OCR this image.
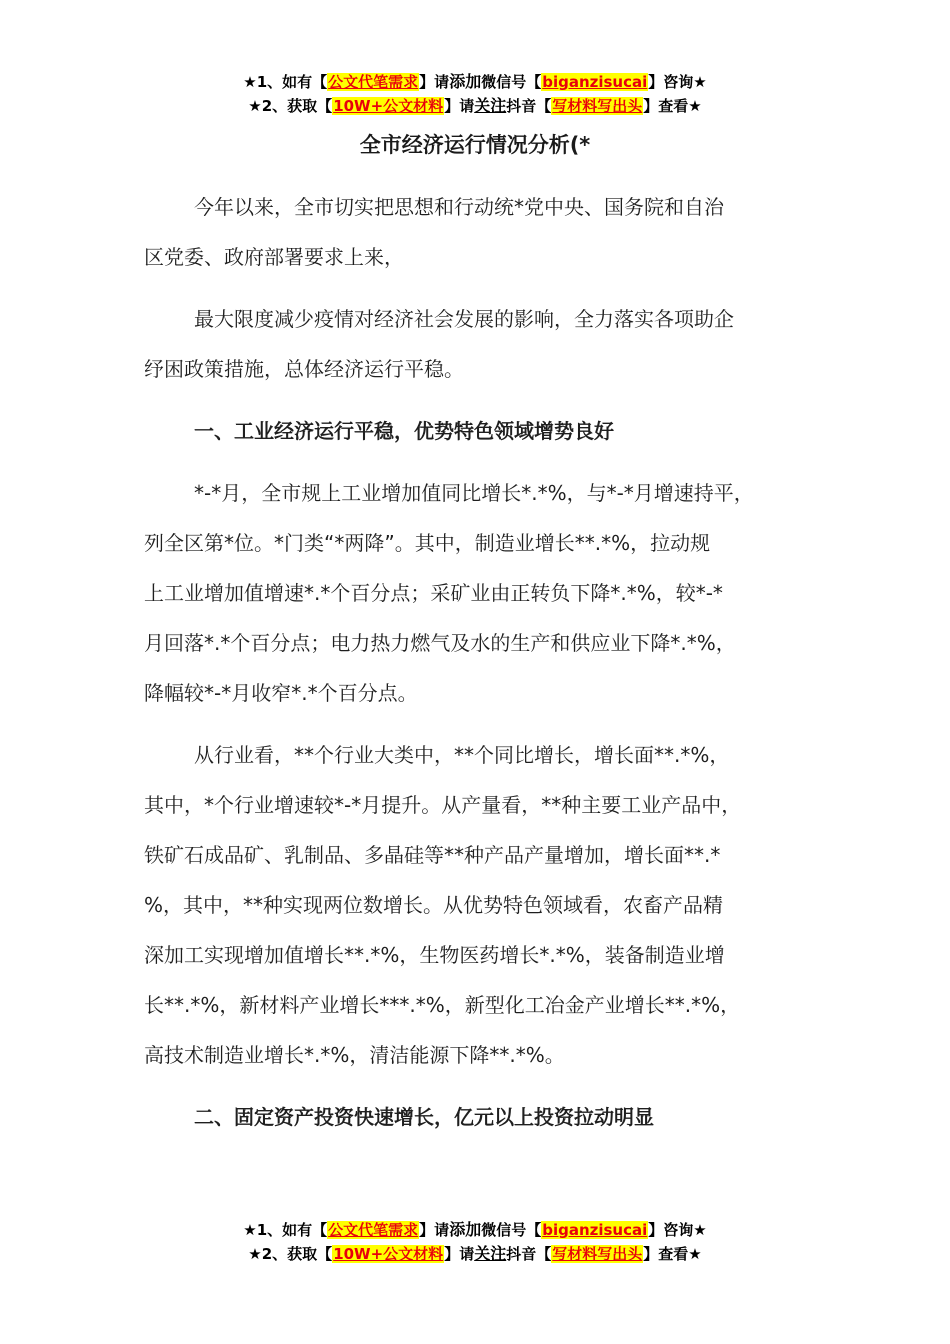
★1、如有【公文代笔需求】请添加微信号【biganzisucai】咨询★
★2、获取【10W+公文材料】请关注抖音【写材料写出头】查看★
全市经济运行情况分析(*
今年以来，全市切实把思想和行动统*党中央、国务院和自治
区党委、政府部署要求上来，
最大限度减少疫情对经济社会发展的影响，全力落实各项助企
纾困政策措施，总体经济运行平稳。
一、工业经济运行平稳，优势特色领域增势良好
*-*月，全市规上工业增加值同比增长*.*%，与*-*月增速持平，
列全区第*位。*门类“*两降”。其中，制造业增长**.*%，拉动规
上工业增加值增速*.*个百分点；采矿业由正转负下降*.*%，较*-*
月回落*.*个百分点；电力热力燃气及水的生产和供应业下降*.*%，
降幅较*-*月收窄*.*个百分点。
从行业看，**个行业大类中，**个同比增长，增长面**.*%，
其中，*个行业增速较*-*月提升。从产量看，**种主要工业产品中，
铁矿石成品矿、乳制品、多晶硅等**种产品产量增加，增长面**.*
%，其中，**种实现两位数增长。从优势特色领域看，农畜产品精
深加工实现增加值增长**.*%，生物医药增长*.*%，装备制造业增
长**.*%，新材料产业增长***.*%，新型化工冶金产业增长**.*%，
高技术制造业增长*.*%，清洁能源下降**.*%。
二、固定资产投资快速增长，亿元以上投资拉动明显
★1、如有【公文代笔需求】请添加微信号【biganzisucai】咨询★
★2、获取【10W+公文材料】请关注抖音【写材料写出头】查看★
